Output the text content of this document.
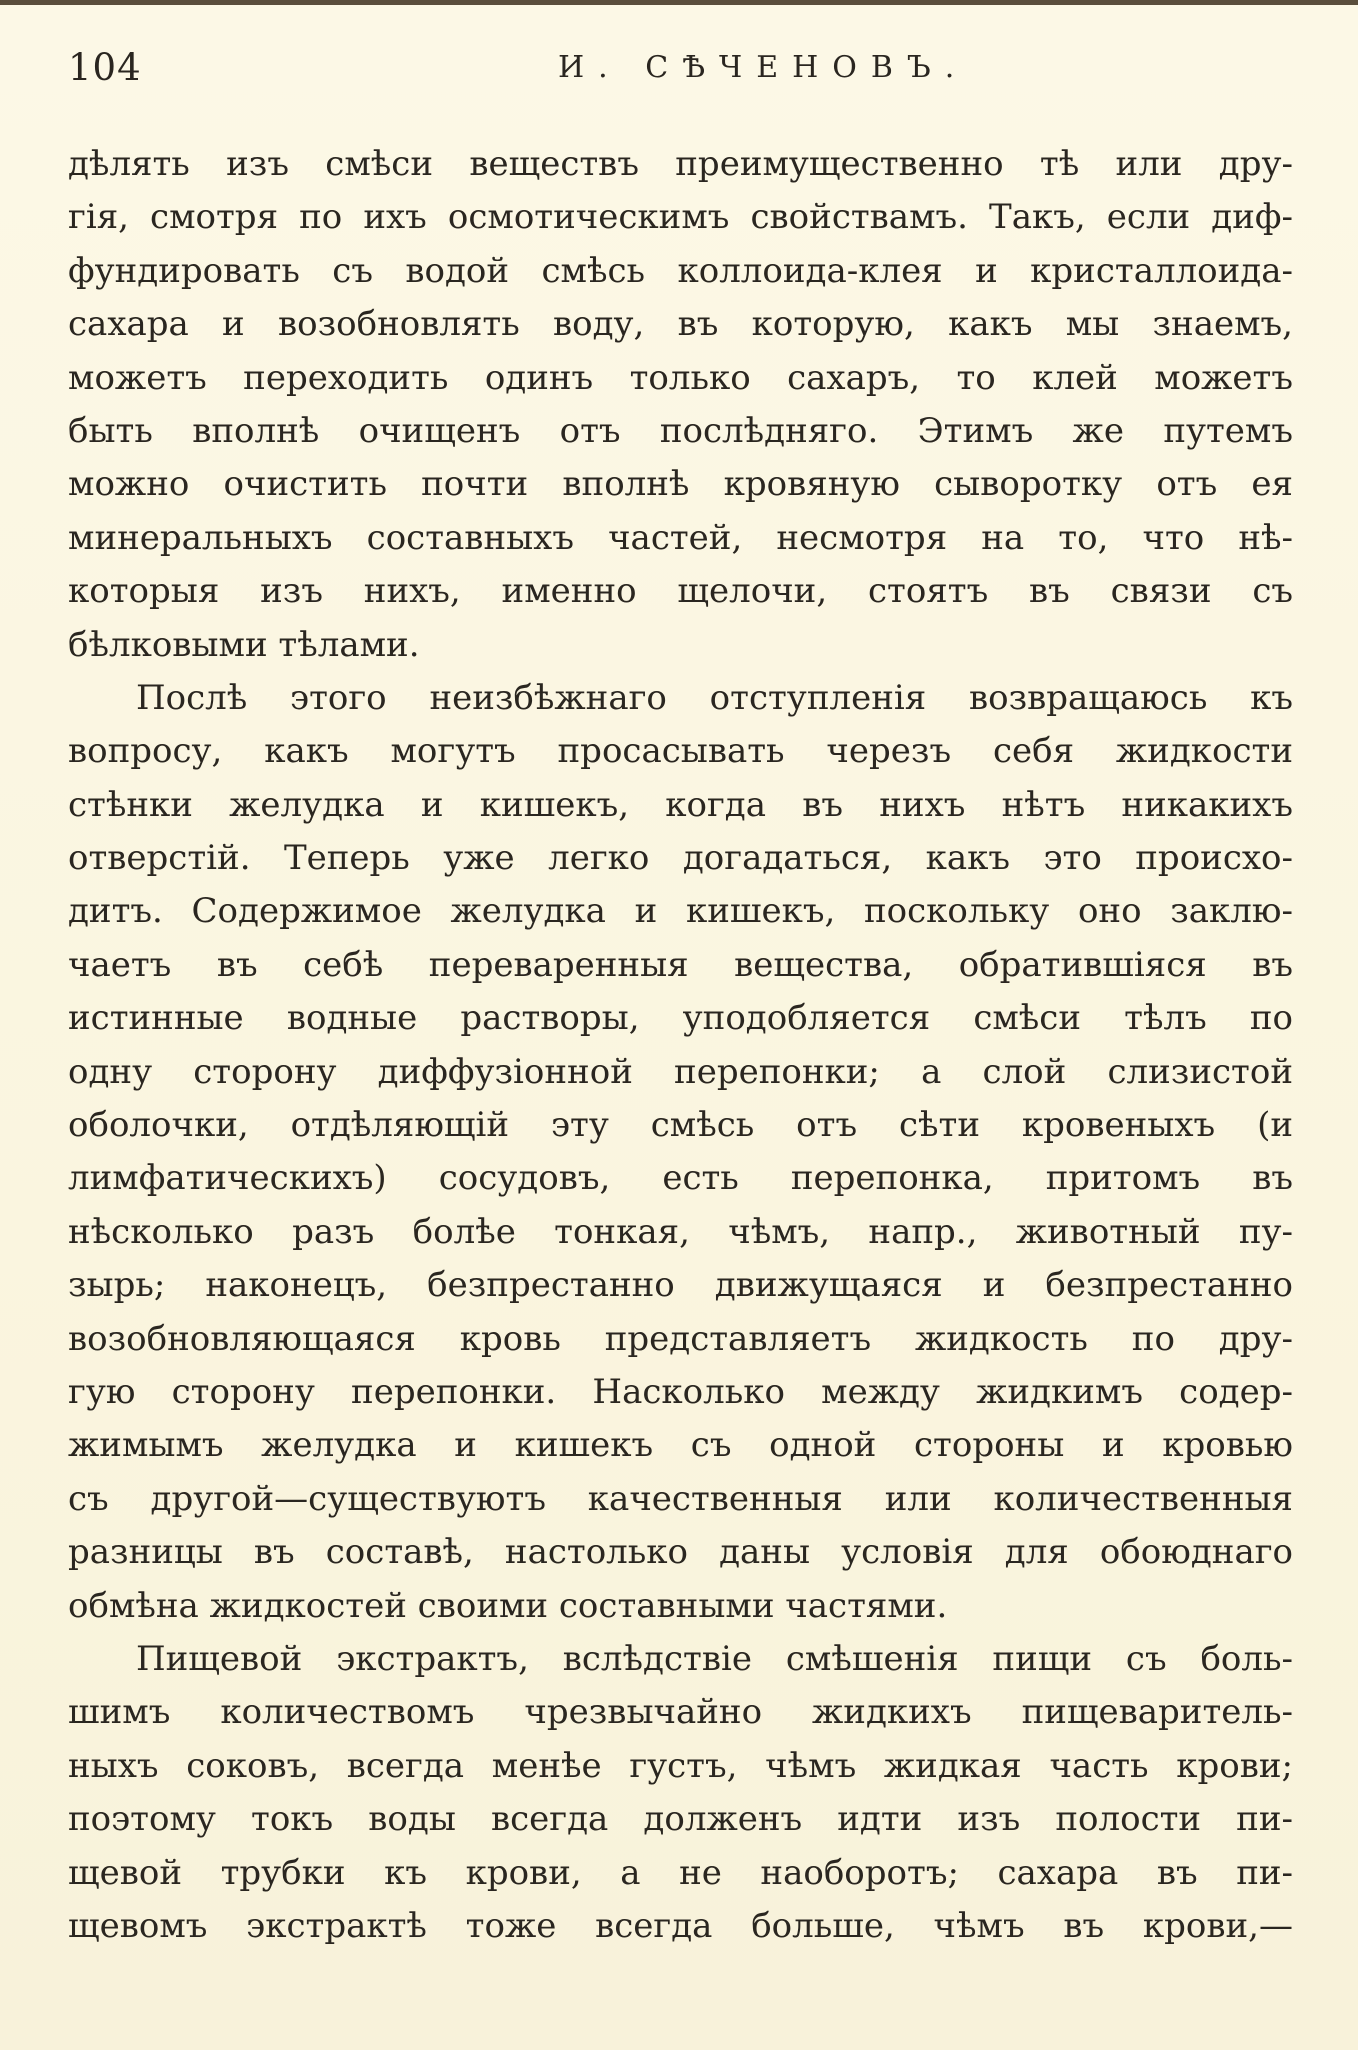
104	И. СѢЧЕНОВЪ.
дѣлять изъ смѣси веществъ преимущественно тѣ или дру-
гія, смотря по ихъ осмотическимъ свойствамъ. Такъ, если диф-
фундировать съ водой смѣсь коллоида-клея и кристаллоида-
сахара и возобновлять воду, въ которую, какъ мы знаемъ,
можетъ переходить одинъ только сахаръ, то клей можетъ
быть вполнѣ очищенъ отъ послѣдняго. Этимъ же путемъ
можно очистить почти вполнѣ кровяную сыворотку отъ ея
минеральныхъ составныхъ частей, несмотря на то, что нѣ-
которыя изъ нихъ, именно щелочи, стоятъ въ связи съ
бѣлковыми тѣлами.
Послѣ этого неизбѣжнаго отступленія возвращаюсь къ
вопросу, какъ могутъ просасывать черезъ себя жидкости
стѣнки желудка и кишекъ, когда въ нихъ нѣтъ никакихъ
отверстій. Теперь уже легко догадаться, какъ это происхо-
дитъ. Содержимое желудка и кишекъ, поскольку оно заклю-
чаетъ въ себѣ переваренныя вещества, обратившіяся въ
истинные водные растворы, уподобляется смѣси тѣлъ по
одну сторону диффузіонной перепонки; а слой слизистой
оболочки, отдѣляющій эту смѣсь отъ сѣти кровеныхъ (и
лимфатическихъ) сосудовъ, есть перепонка, притомъ въ
нѣсколько разъ болѣе тонкая, чѣмъ, напр., животный пу-
зырь; наконецъ, безпрестанно движущаяся и безпрестанно
возобновляющаяся кровь представляетъ жидкость по дру-
гую сторону перепонки. Насколько между жидкимъ содер-
жимымъ желудка и кишекъ съ одной стороны и кровью
съ другой—существуютъ качественныя или количественныя
разницы въ составѣ, настолько даны условія для обоюднаго
обмѣна жидкостей своими составными частями.
Пищевой экстрактъ, вслѣдствіе смѣшенія пищи съ боль-
шимъ количествомъ чрезвычайно жидкихъ пищеваритель-
ныхъ соковъ, всегда менѣе густъ, чѣмъ жидкая часть крови;
поэтому токъ воды всегда долженъ идти изъ полости пи-
щевой трубки къ крови, а не наоборотъ; сахара въ пи-
щевомъ экстрактѣ тоже всегда больше, чѣмъ въ крови,—
